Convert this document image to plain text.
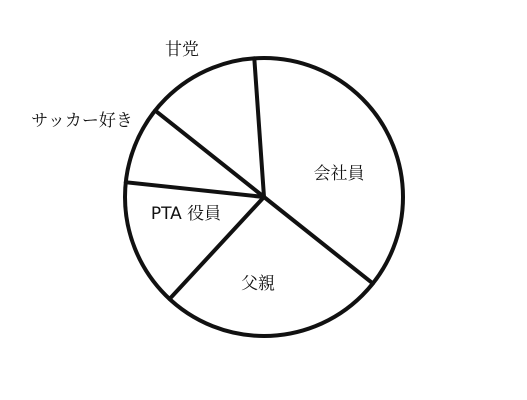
会社員
父親
PTA 役員
サッカー好き
甘党
